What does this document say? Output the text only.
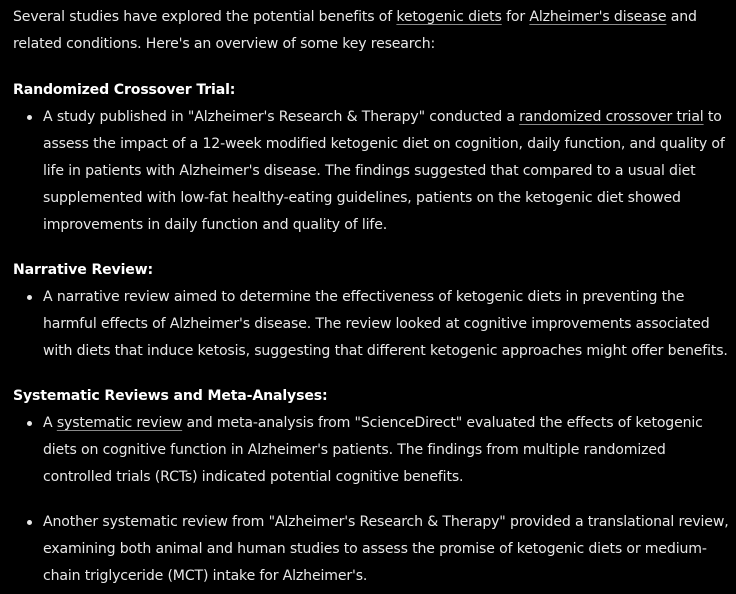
Several studies have explored the potential benefits of ketogenic diets for Alzheimer's disease and related conditions. Here's an overview of some key research:

Randomized Crossover Trial:

A study published in "Alzheimer's Research & Therapy" conducted a randomized crossover trial to assess the impact of a 12-week modified ketogenic diet on cognition, daily function, and quality of life in patients with Alzheimer's disease. The findings suggested that compared to a usual diet supplemented with low-fat healthy-eating guidelines, patients on the ketogenic diet showed improvements in daily function and quality of life.

Narrative Review:

A narrative review aimed to determine the effectiveness of ketogenic diets in preventing the harmful effects of Alzheimer's disease. The review looked at cognitive improvements associated with diets that induce ketosis, suggesting that different ketogenic approaches might offer benefits.

Systematic Reviews and Meta-Analyses:

A systematic review and meta-analysis from "ScienceDirect" evaluated the effects of ketogenic diets on cognitive function in Alzheimer's patients. The findings from multiple randomized controlled trials (RCTs) indicated potential cognitive benefits.
Another systematic review from "Alzheimer's Research & Therapy" provided a translational review, examining both animal and human studies to assess the promise of ketogenic diets or medium-chain triglyceride (MCT) intake for Alzheimer's.
